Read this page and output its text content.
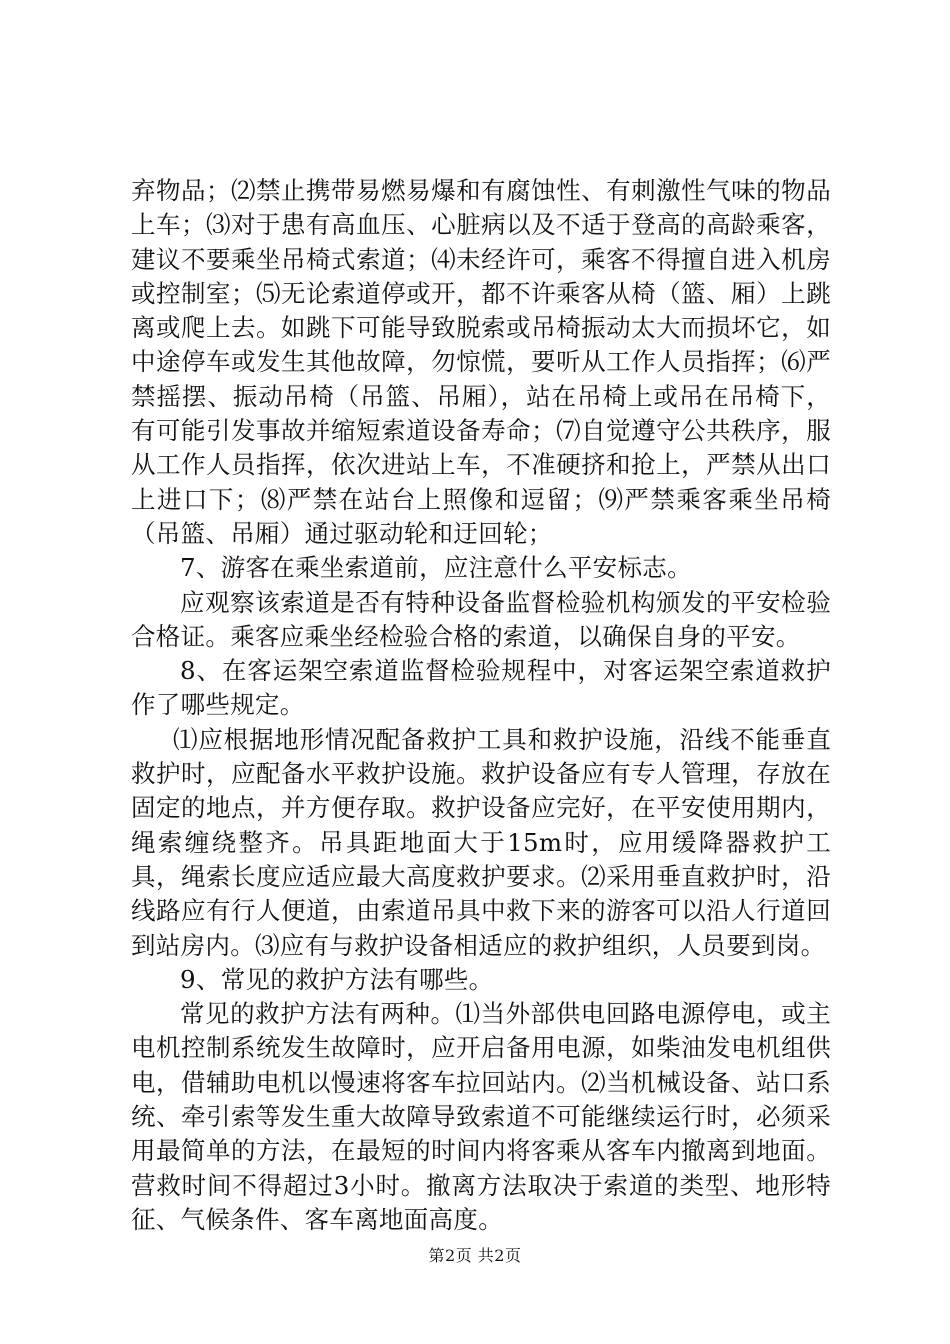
弃物品；⑵禁止携带易燃易爆和有腐蚀性、有刺激性气味的物品上车；⑶对于患有高血压、心脏病以及不适于登高的高龄乘客，建议不要乘坐吊椅式索道；⑷未经许可，乘客不得擅自进入机房或控制室；⑸无论索道停或开，都不许乘客从椅（篮、厢）上跳离或爬上去。如跳下可能导致脱索或吊椅振动太大而损坏它，如中途停车或发生其他故障，勿惊慌，要听从工作人员指挥；⑹严禁摇摆、振动吊椅（吊篮、吊厢），站在吊椅上或吊在吊椅下，有可能引发事故并缩短索道设备寿命；⑺自觉遵守公共秩序，服从工作人员指挥，依次进站上车，不准硬挤和抢上，严禁从出口上进口下；⑻严禁在站台上照像和逗留；⑼严禁乘客乘坐吊椅（吊篮、吊厢）通过驱动轮和迂回轮；

7、游客在乘坐索道前，应注意什么平安标志。

应观察该索道是否有特种设备监督检验机构颁发的平安检验合格证。乘客应乘坐经检验合格的索道，以确保自身的平安。

8、在客运架空索道监督检验规程中，对客运架空索道救护作了哪些规定。

⑴应根据地形情况配备救护工具和救护设施，沿线不能垂直救护时，应配备水平救护设施。救护设备应有专人管理，存放在固定的地点，并方便存取。救护设备应完好，在平安使用期内，绳索缠绕整齐。吊具距地面大于15m时，应用缓降器救护工具，绳索长度应适应最大高度救护要求。⑵采用垂直救护时，沿线路应有行人便道，由索道吊具中救下来的游客可以沿人行道回到站房内。⑶应有与救护设备相适应的救护组织，人员要到岗。

9、常见的救护方法有哪些。

常见的救护方法有两种。⑴当外部供电回路电源停电，或主电机控制系统发生故障时，应开启备用电源，如柴油发电机组供电，借辅助电机以慢速将客车拉回站内。⑵当机械设备、站口系统、牵引索等发生重大故障导致索道不可能继续运行时，必须采用最简单的方法，在最短的时间内将客乘从客车内撤离到地面。营救时间不得超过3小时。撤离方法取决于索道的类型、地形特征、气候条件、客车离地面高度。

第2页 共2页
